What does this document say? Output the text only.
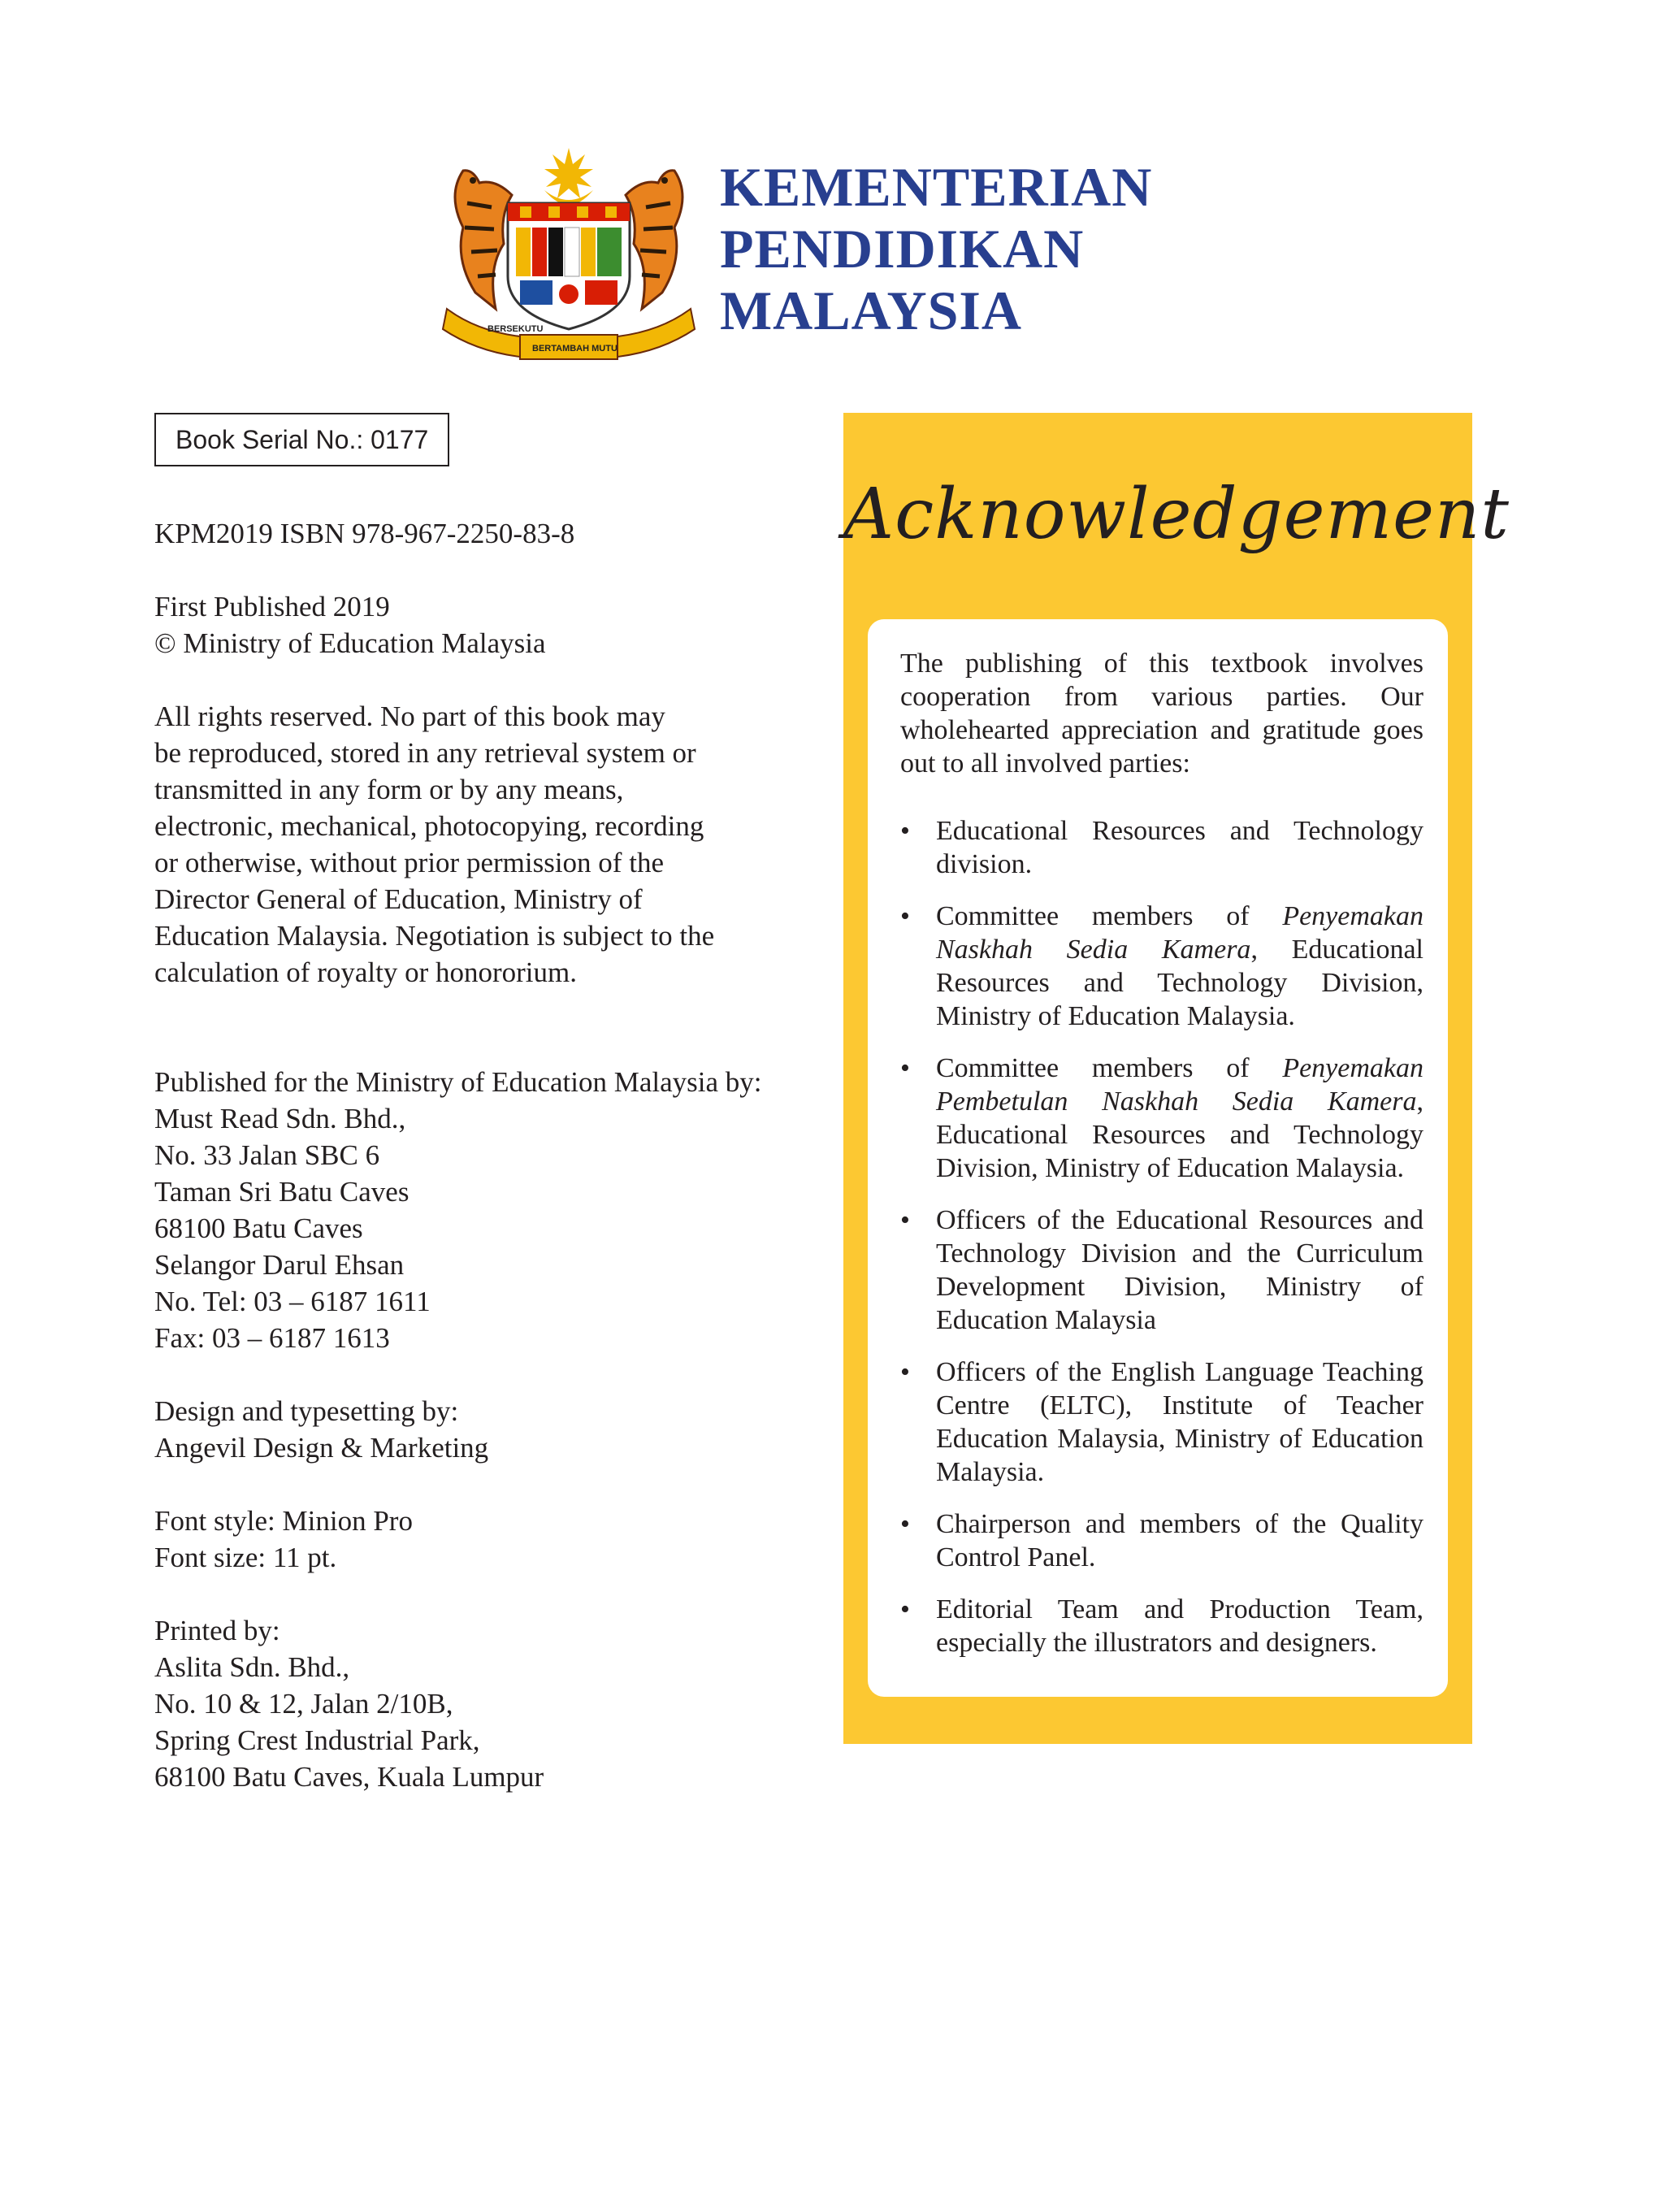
BERSEKUTU
BERTAMBAH MUTU
KEMENTERIAN
PENDIDIKAN
MALAYSIA
Book Serial No.: 0177

KPM2019 ISBN 978-967-2250-83-8

First Published 2019

© Ministry of Education Malaysia

All rights reserved. No part of this book may

be reproduced, stored in any retrieval system or

transmitted in any form or by any means,

electronic, mechanical, photocopying, recording

or otherwise, without prior permission of the

Director General of Education, Ministry of

Education Malaysia. Negotiation is subject to the

calculation of royalty or honororium.

Published for the Ministry of Education Malaysia by:

Must Read Sdn. Bhd.,

No. 33 Jalan SBC 6

Taman Sri Batu Caves

68100 Batu Caves

Selangor Darul Ehsan

No. Tel: 03 – 6187 1611

Fax: 03 – 6187 1613

Design and typesetting by:

Angevil Design & Marketing

Font style: Minion Pro

Font size: 11 pt.

Printed by:

Aslita Sdn. Bhd.,

No. 10 & 12, Jalan 2/10B,

Spring Crest Industrial Park,

68100 Batu Caves, Kuala Lumpur

Acknowledgement

The publishing of this textbook involves cooperation from various parties. Our wholehearted appreciation and gratitude goes out to all involved parties:

• Educational Resources and Technology division.
• Committee members of Penyemakan Naskhah Sedia Kamera, Educational Resources and Technology Division, Ministry of Education Malaysia.
• Committee members of Penyemakan Pembetulan Naskhah Sedia Kamera, Educational Resources and Technology Division, Ministry of Education Malaysia.
• Officers of the Educational Resources and Technology Division and the Curriculum Development Division, Ministry of Education Malaysia
• Officers of the English Language Teaching Centre (ELTC), Institute of Teacher Education Malaysia, Ministry of Education Malaysia.
• Chairperson and members of the Quality Control Panel.
• Editorial Team and Production Team, especially the illustrators and designers.
